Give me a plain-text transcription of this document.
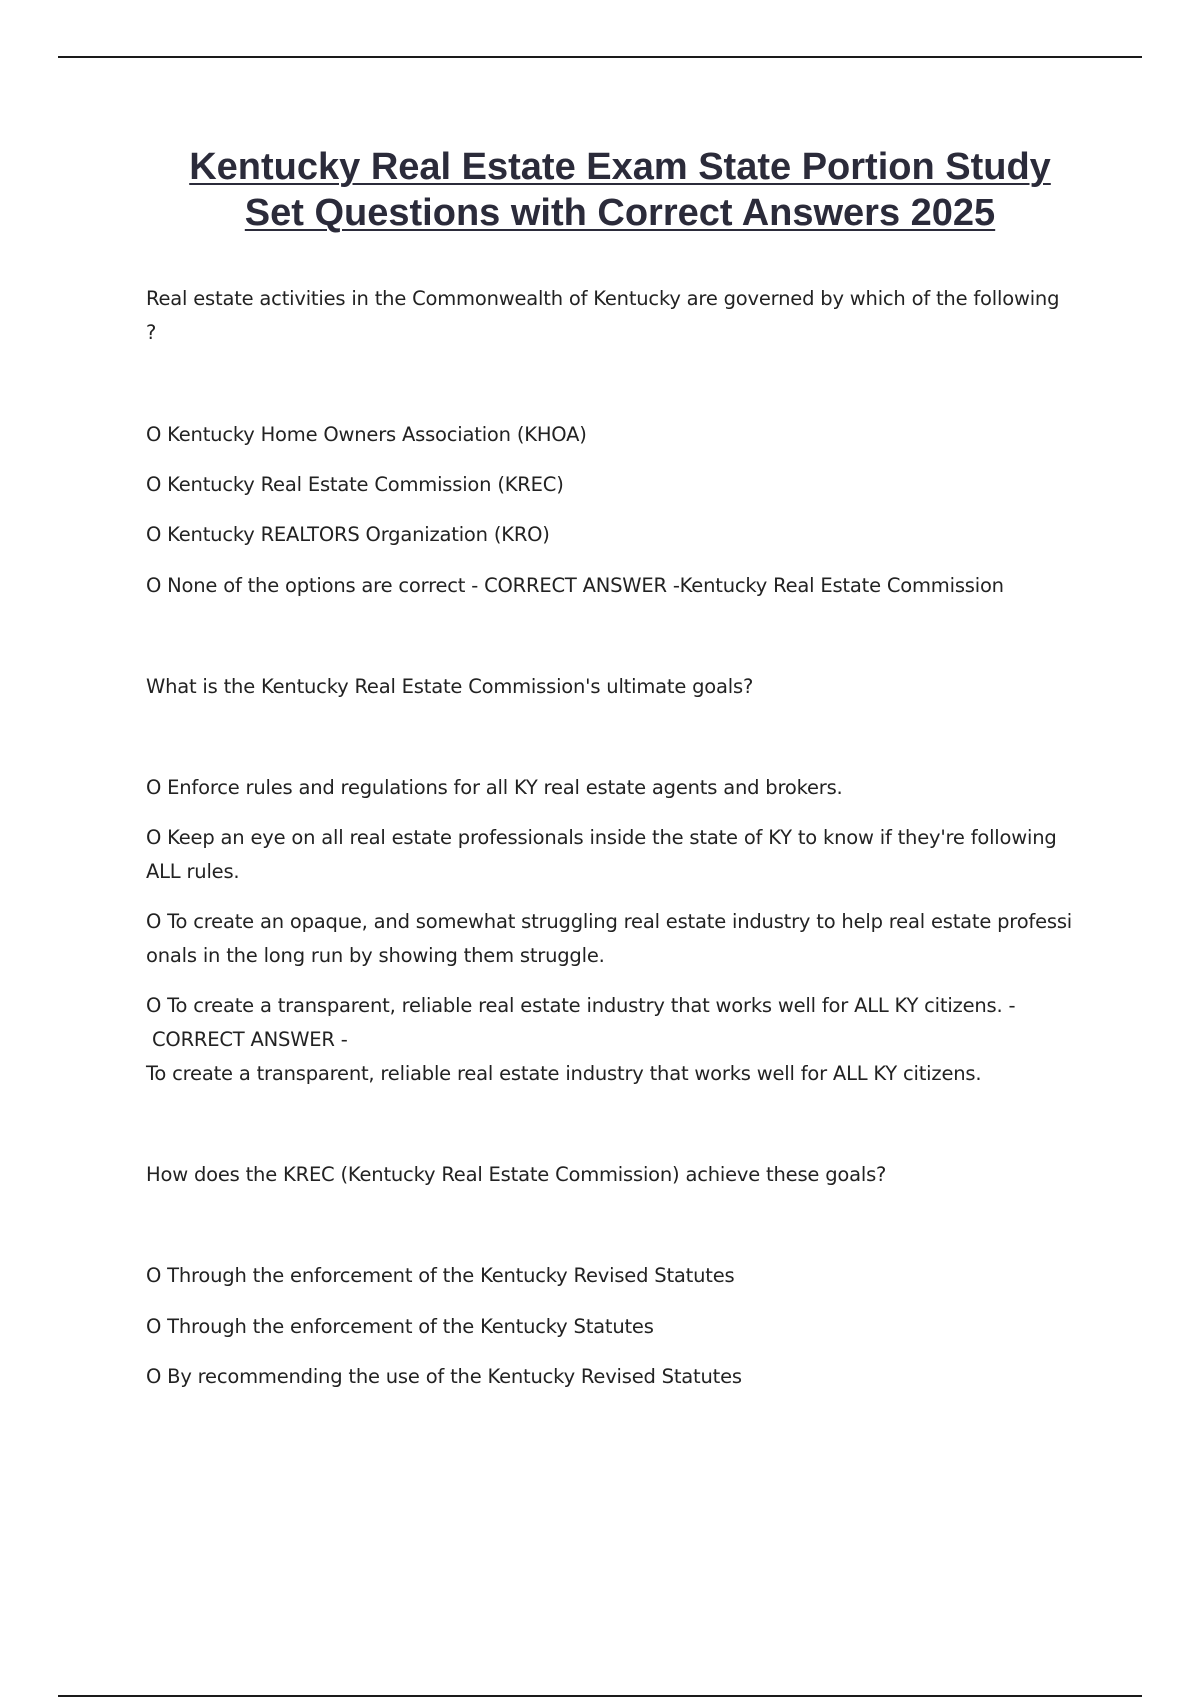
Kentucky Real Estate Exam State Portion Study
Set Questions with Correct Answers 2025

Real estate activities in the Commonwealth of Kentucky are governed by which of the following
?

O Kentucky Home Owners Association (KHOA)

O Kentucky Real Estate Commission (KREC)

O Kentucky REALTORS Organization (KRO)

O None of the options are correct - CORRECT ANSWER -Kentucky Real Estate Commission

What is the Kentucky Real Estate Commission's ultimate goals?

O Enforce rules and regulations for all KY real estate agents and brokers.

O Keep an eye on all real estate professionals inside the state of KY to know if they're following
ALL rules.

O To create an opaque, and somewhat struggling real estate industry to help real estate professi
onals in the long run by showing them struggle.

O To create a transparent, reliable real estate industry that works well for ALL KY citizens. -
CORRECT ANSWER -
To create a transparent, reliable real estate industry that works well for ALL KY citizens.

How does the KREC (Kentucky Real Estate Commission) achieve these goals?

O Through the enforcement of the Kentucky Revised Statutes

O Through the enforcement of the Kentucky Statutes

O By recommending the use of the Kentucky Revised Statutes
